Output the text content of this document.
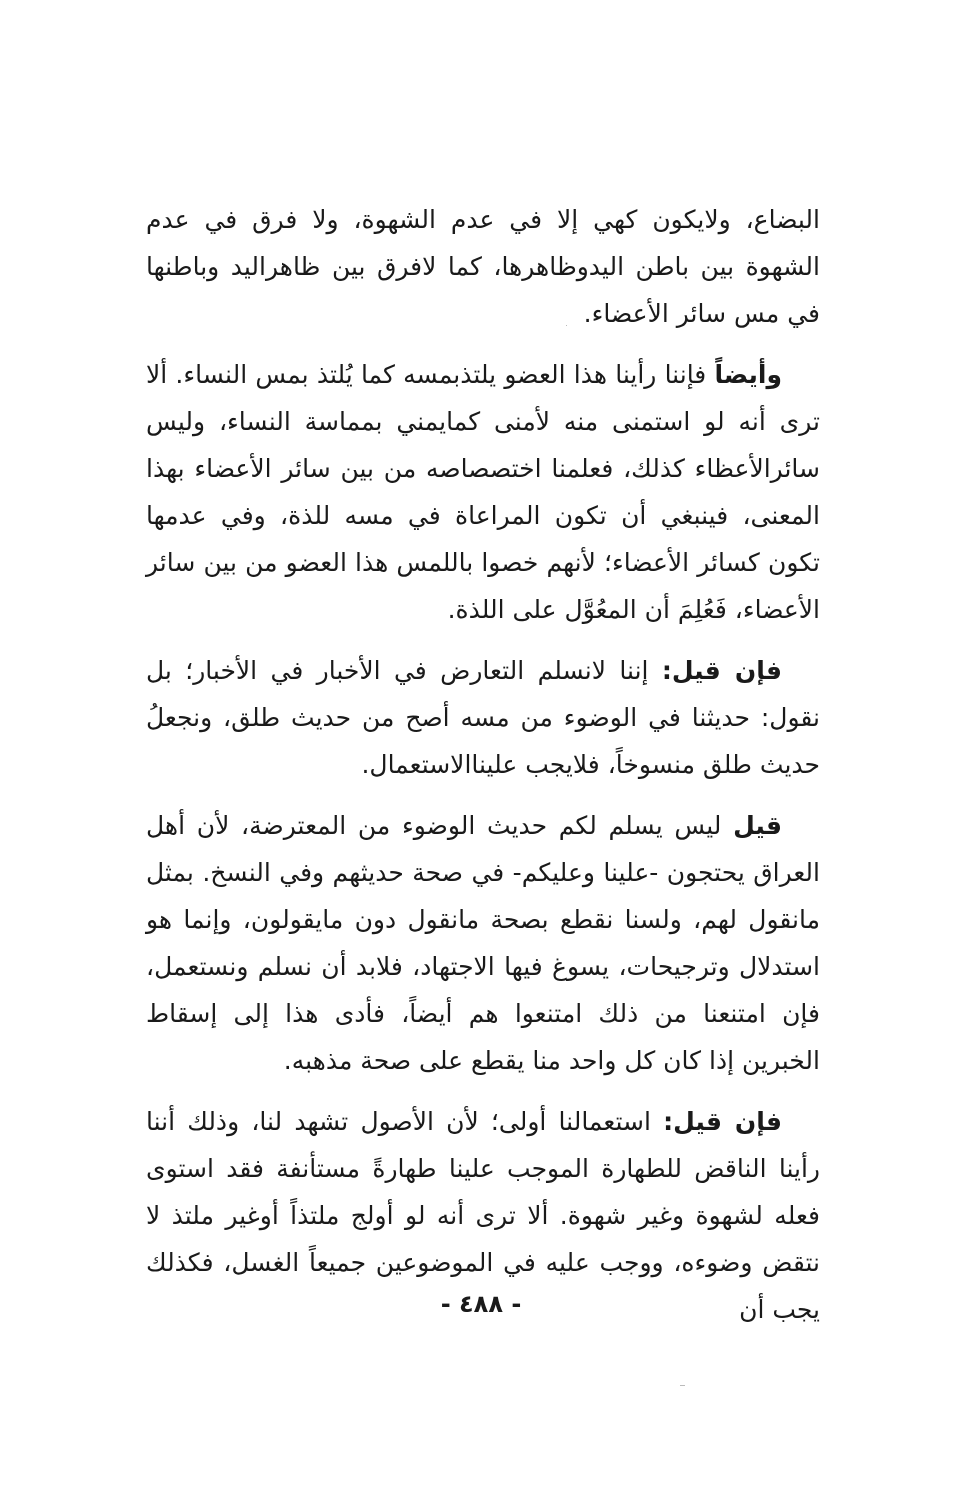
البضاع، ولايكون كهي إلا في عدم الشهوة، ولا فرق في عدم الشهوة بين باطن اليدوظاهرها، كما لافرق بين ظاهراليد وباطنها في مس سائر الأعضاء.

وأيضاً فإننا رأينا هذا العضو يلتذبمسه كما يُلتذ بمس النساء. ألا ترى أنه لو استمنى منه لأمنى كمايمني بمماسة النساء، وليس سائرالأعظاء كذلك، فعلمنا اختصصاصه من بين سائر الأعضاء بهذا المعنى، فينبغي أن تكون المراعاة في مسه للذة، وفي عدمها تكون كسائر الأعضاء؛ لأنهم خصوا باللمس هذا العضو من بين سائر الأعضاء، فَعُلِمَ أن المعُوَّل على اللذة.

فإن قيل: إننا لانسلم التعارض في الأخبار في الأخبار؛ بل نقول: حديثنا في الوضوء من مسه أصح من حديث طلق، ونجعلُ حديث طلق منسوخاً، فلايجب عليناالاستعمال.

قيل ليس يسلم لكم حديث الوضوء من المعترضة، لأن أهل العراق يحتجون -علينا وعليكم- في صحة حديثهم وفي النسخ. بمثل مانقول لهم، ولسنا نقطع بصحة مانقول دون مايقولون، وإنما هو استدلال وترجيحات، يسوغ فيها الاجتهاد، فلابد أن نسلم ونستعمل، فإن امتنعنا من ذلك امتنعوا هم أيضاً، فأدى هذا إلى إسقاط الخبرين إذا كان كل واحد منا يقطع على صحة مذهبه.

فإن قيل: استعمالنا أولى؛ لأن الأصول تشهد لنا، وذلك أننا رأينا الناقض للطهارة الموجب علينا طهارةً مستأنفة فقد استوى فعله لشهوة وغير شهوة. ألا ترى أنه لو أولج ملتذاً أوغير ملتذ لا نتقض وضوءه، ووجب عليه في الموضوعين جميعاً الغسل، فكذلك يجب أن

- ٤٨٨ -
